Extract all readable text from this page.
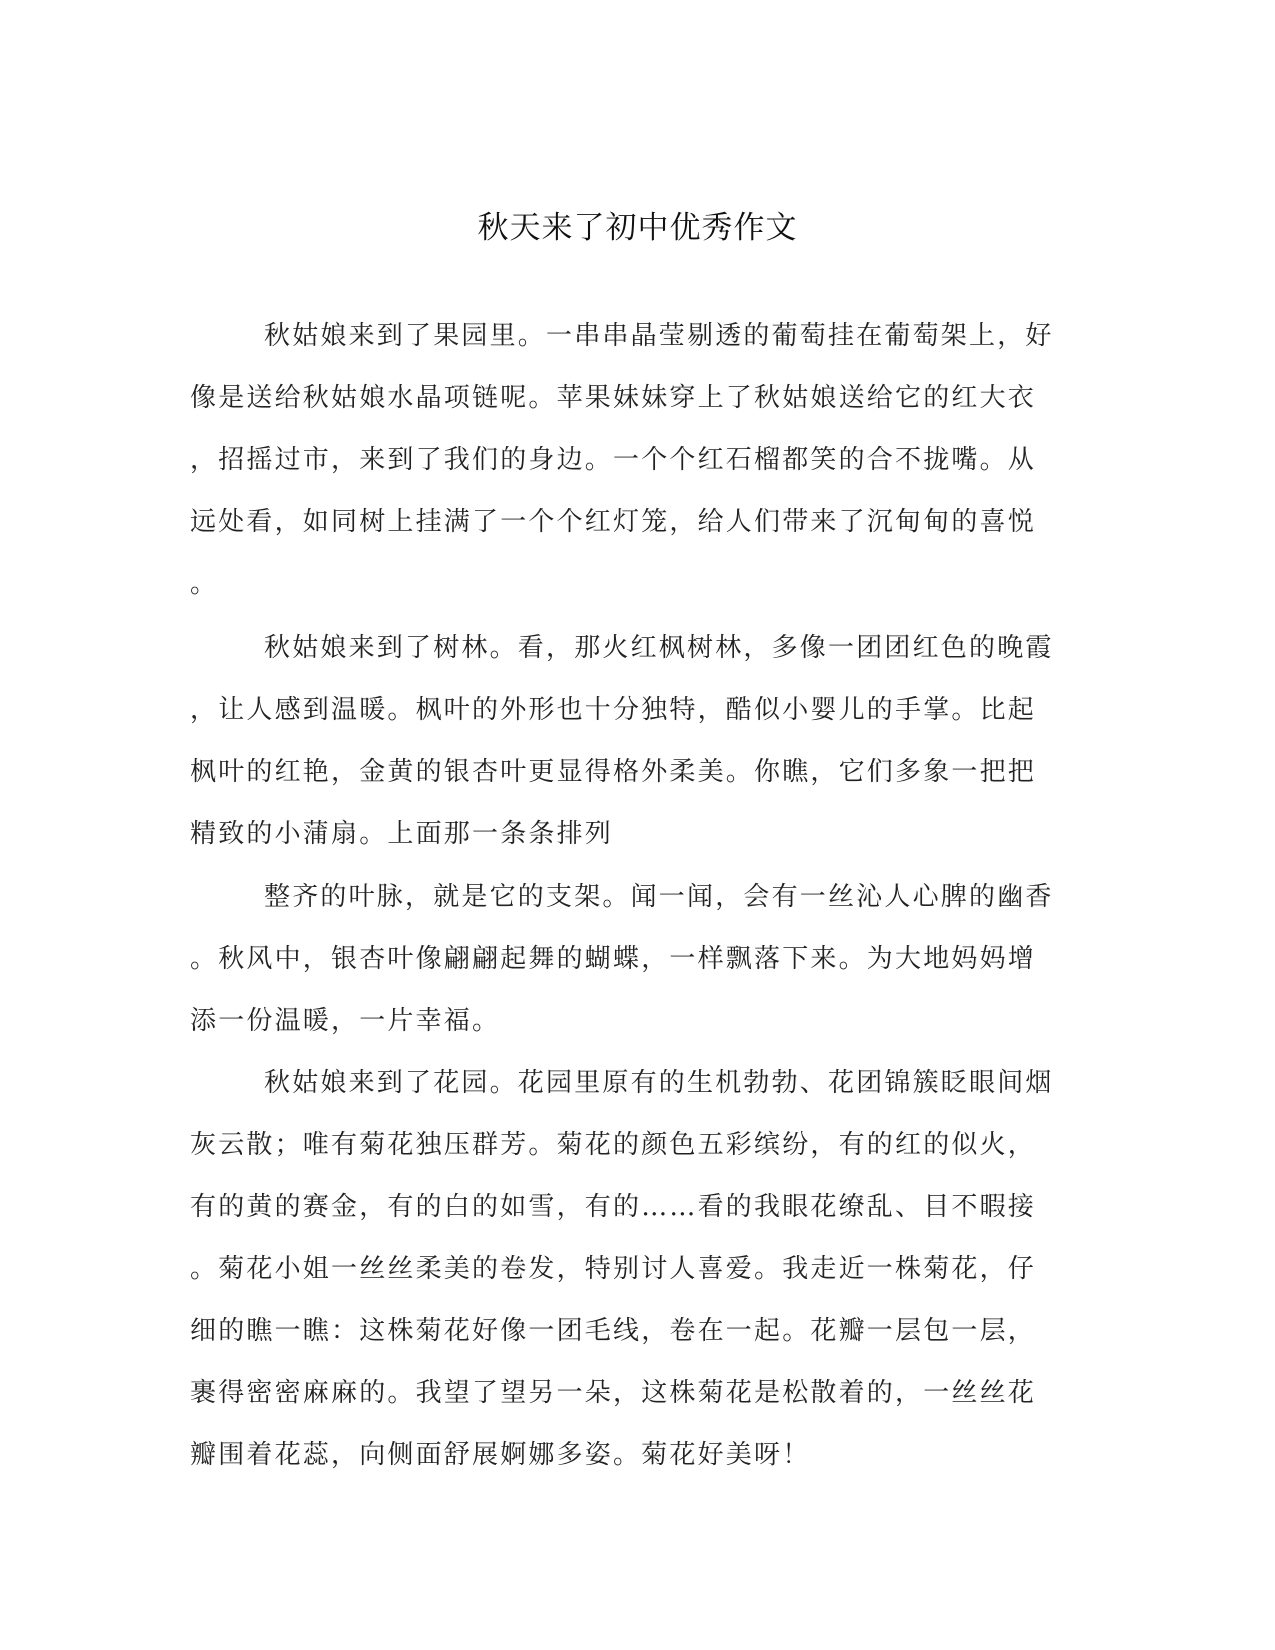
秋天来了初中优秀作文
秋姑娘来到了果园里。一串串晶莹剔透的葡萄挂在葡萄架上，好
像是送给秋姑娘水晶项链呢。苹果妹妹穿上了秋姑娘送给它的红大衣
，招摇过市，来到了我们的身边。一个个红石榴都笑的合不拢嘴。从
远处看，如同树上挂满了一个个红灯笼，给人们带来了沉甸甸的喜悦
。
秋姑娘来到了树林。看，那火红枫树林，多像一团团红色的晚霞
，让人感到温暖。枫叶的外形也十分独特，酷似小婴儿的手掌。比起
枫叶的红艳，金黄的银杏叶更显得格外柔美。你瞧，它们多象一把把
精致的小蒲扇。上面那一条条排列
整齐的叶脉，就是它的支架。闻一闻，会有一丝沁人心脾的幽香
。秋风中，银杏叶像翩翩起舞的蝴蝶，一样飘落下来。为大地妈妈增
添一份温暖，一片幸福。
秋姑娘来到了花园。花园里原有的生机勃勃、花团锦簇眨眼间烟
灰云散；唯有菊花独压群芳。菊花的颜色五彩缤纷，有的红的似火，
有的黄的赛金，有的白的如雪，有的……看的我眼花缭乱、目不暇接
。菊花小姐一丝丝柔美的卷发，特别讨人喜爱。我走近一株菊花，仔
细的瞧一瞧：这株菊花好像一团毛线，卷在一起。花瓣一层包一层，
裹得密密麻麻的。我望了望另一朵，这株菊花是松散着的，一丝丝花
瓣围着花蕊，向侧面舒展婀娜多姿。菊花好美呀！
